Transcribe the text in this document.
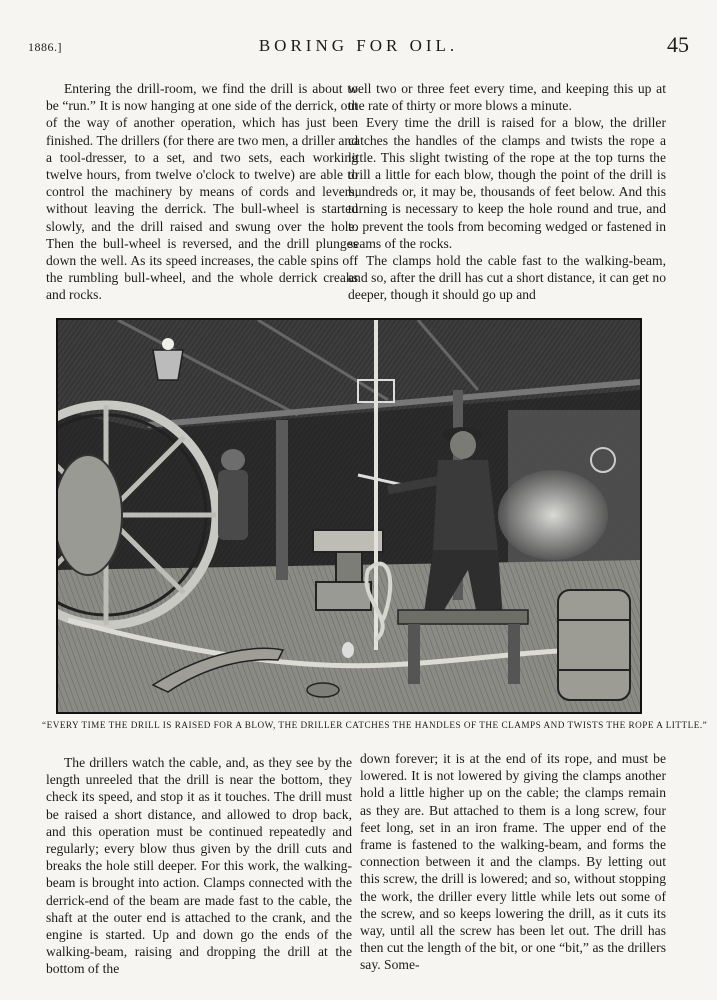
1886.]	BORING FOR OIL.	45

Entering the drill-room, we find the drill is about to be “run.” It is now hanging at one side of the derrick, out of the way of another operation, which has just been finished. The drillers (for there are two men, a driller and a tool-dresser, to a set, and two sets, each working twelve hours, from twelve o'clock to twelve) are able to control the machinery by means of cords and levers, without leaving the derrick. The bull-wheel is started slowly, and the drill raised and swung over the hole. Then the bull-wheel is reversed, and the drill plunges down the well. As its speed increases, the cable spins off the rumbling bull-wheel, and the whole derrick creaks and rocks.

well two or three feet every time, and keeping this up at the rate of thirty or more blows a minute.

Every time the drill is raised for a blow, the driller catches the handles of the clamps and twists the rope a little. This slight twisting of the rope at the top turns the drill a little for each blow, though the point of the drill is hundreds or, it may be, thousands of feet below. And this turning is necessary to keep the hole round and true, and to prevent the tools from becoming wedged or fastened in seams of the rocks.

The clamps hold the cable fast to the walking-beam, and so, after the drill has cut a short distance, it can get no deeper, though it should go up and

“EVERY TIME THE DRILL IS RAISED FOR A BLOW, THE DRILLER CATCHES THE HANDLES OF THE CLAMPS AND TWISTS THE ROPE A LITTLE.”

The drillers watch the cable, and, as they see by the length unreeled that the drill is near the bottom, they check its speed, and stop it as it touches. The drill must be raised a short distance, and allowed to drop back, and this operation must be continued repeatedly and regularly; every blow thus given by the drill cuts and breaks the hole still deeper. For this work, the walking-beam is brought into action. Clamps connected with the derrick-end of the beam are made fast to the cable, the shaft at the outer end is attached to the crank, and the engine is started. Up and down go the ends of the walking-beam, raising and dropping the drill at the bottom of the

down forever; it is at the end of its rope, and must be lowered. It is not lowered by giving the clamps another hold a little higher up on the cable; the clamps remain as they are. But attached to them is a long screw, four feet long, set in an iron frame. The upper end of the frame is fastened to the walking-beam, and forms the connection between it and the clamps. By letting out this screw, the drill is lowered; and so, without stopping the work, the driller every little while lets out some of the screw, and so keeps lowering the drill, as it cuts its way, until all the screw has been let out. The drill has then cut the length of the bit, or one “bit,” as the drillers say. Some-
